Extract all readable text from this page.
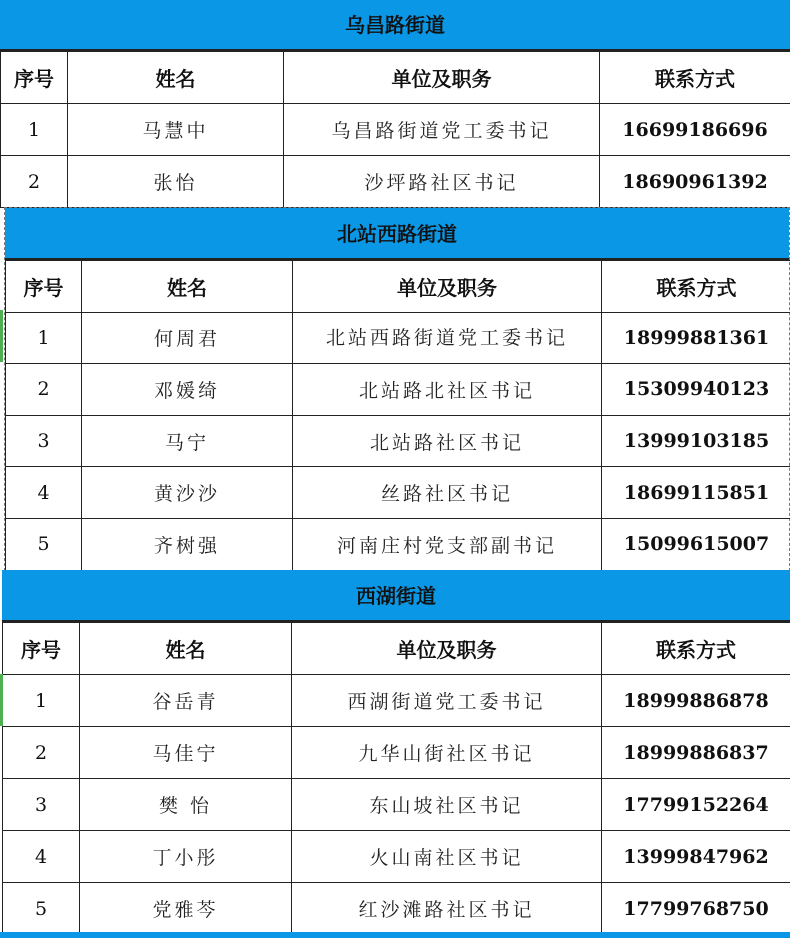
乌昌路街道
序号	姓名	单位及职务	联系方式
1	马慧中	乌昌路街道党工委书记	16699186696
2	张怡	沙坪路社区书记	18690961392
北站西路街道
序号	姓名	单位及职务	联系方式
1	何周君	北站西路街道党工委书记	18999881361
2	邓媛绮	北站路北社区书记	15309940123
3	马宁	北站路社区书记	13999103185
4	黄沙沙	丝路社区书记	18699115851
5	齐树强	河南庄村党支部副书记	15099615007
西湖街道
序号	姓名	单位及职务	联系方式
1	谷岳青	西湖街道党工委书记	18999886878
2	马佳宁	九华山街社区书记	18999886837
3	樊 怡	东山坡社区书记	17799152264
4	丁小彤	火山南社区书记	13999847962
5	党雅芩	红沙滩路社区书记	17799768750
